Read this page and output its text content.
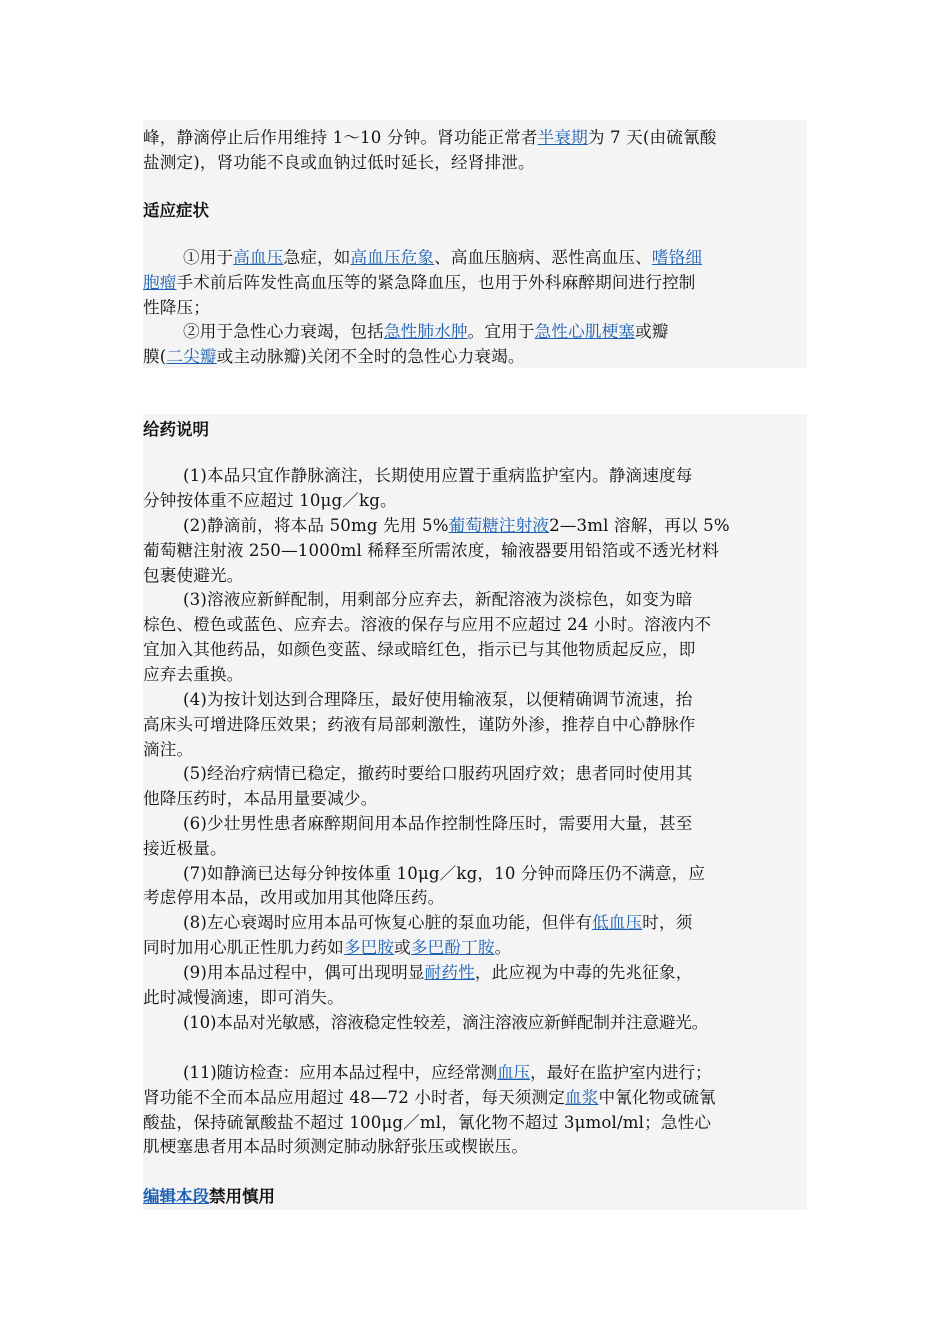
峰，静滴停止后作用维持 1～10 分钟。肾功能正常者半衰期为 7 天(由硫氰酸
盐测定)，肾功能不良或血钠过低时延长，经肾排泄。
适应症状
①用于高血压急症，如高血压危象、高血压脑病、恶性高血压、嗜铬细
胞瘤手术前后阵发性高血压等的紧急降血压，也用于外科麻醉期间进行控制
性降压；
②用于急性心力衰竭，包括急性肺水肿。宜用于急性心肌梗塞或瓣
膜(二尖瓣或主动脉瓣)关闭不全时的急性心力衰竭。
给药说明
(1)本品只宜作静脉滴注，长期使用应置于重病监护室内。静滴速度每
分钟按体重不应超过 10μg／kg。
(2)静滴前，将本品 50mg 先用 5%葡萄糖注射液2—3ml 溶解，再以 5%
葡萄糖注射液 250—1000ml 稀释至所需浓度，输液器要用铅箔或不透光材料
包裹使避光。
(3)溶液应新鲜配制，用剩部分应弃去，新配溶液为淡棕色，如变为暗
棕色、橙色或蓝色、应弃去。溶液的保存与应用不应超过 24 小时。溶液内不
宜加入其他药品，如颜色变蓝、绿或暗红色，指示已与其他物质起反应，即
应弃去重换。
(4)为按计划达到合理降压，最好使用输液泵，以便精确调节流速，抬
高床头可增进降压效果；药液有局部刺激性，谨防外渗，推荐自中心静脉作
滴注。
(5)经治疗病情已稳定，撤药时要给口服药巩固疗效；患者同时使用其
他降压药时，本品用量要减少。
(6)少壮男性患者麻醉期间用本品作控制性降压时，需要用大量，甚至
接近极量。
(7)如静滴已达每分钟按体重 10μg／kg，10 分钟而降压仍不满意，应
考虑停用本品，改用或加用其他降压药。
(8)左心衰竭时应用本品可恢复心脏的泵血功能，但伴有低血压时，须
同时加用心肌正性肌力药如多巴胺或多巴酚丁胺。
(9)用本品过程中，偶可出现明显耐药性，此应视为中毒的先兆征象，
此时减慢滴速，即可消失。
(10)本品对光敏感，溶液稳定性较差，滴注溶液应新鲜配制并注意避光。
(11)随访检查：应用本品过程中，应经常测血压，最好在监护室内进行；
肾功能不全而本品应用超过 48—72 小时者，每天须测定血浆中氰化物或硫氰
酸盐，保持硫氰酸盐不超过 100μg／ml，氰化物不超过 3μmol/ml；急性心
肌梗塞患者用本品时须测定肺动脉舒张压或楔嵌压。
编辑本段禁用慎用
